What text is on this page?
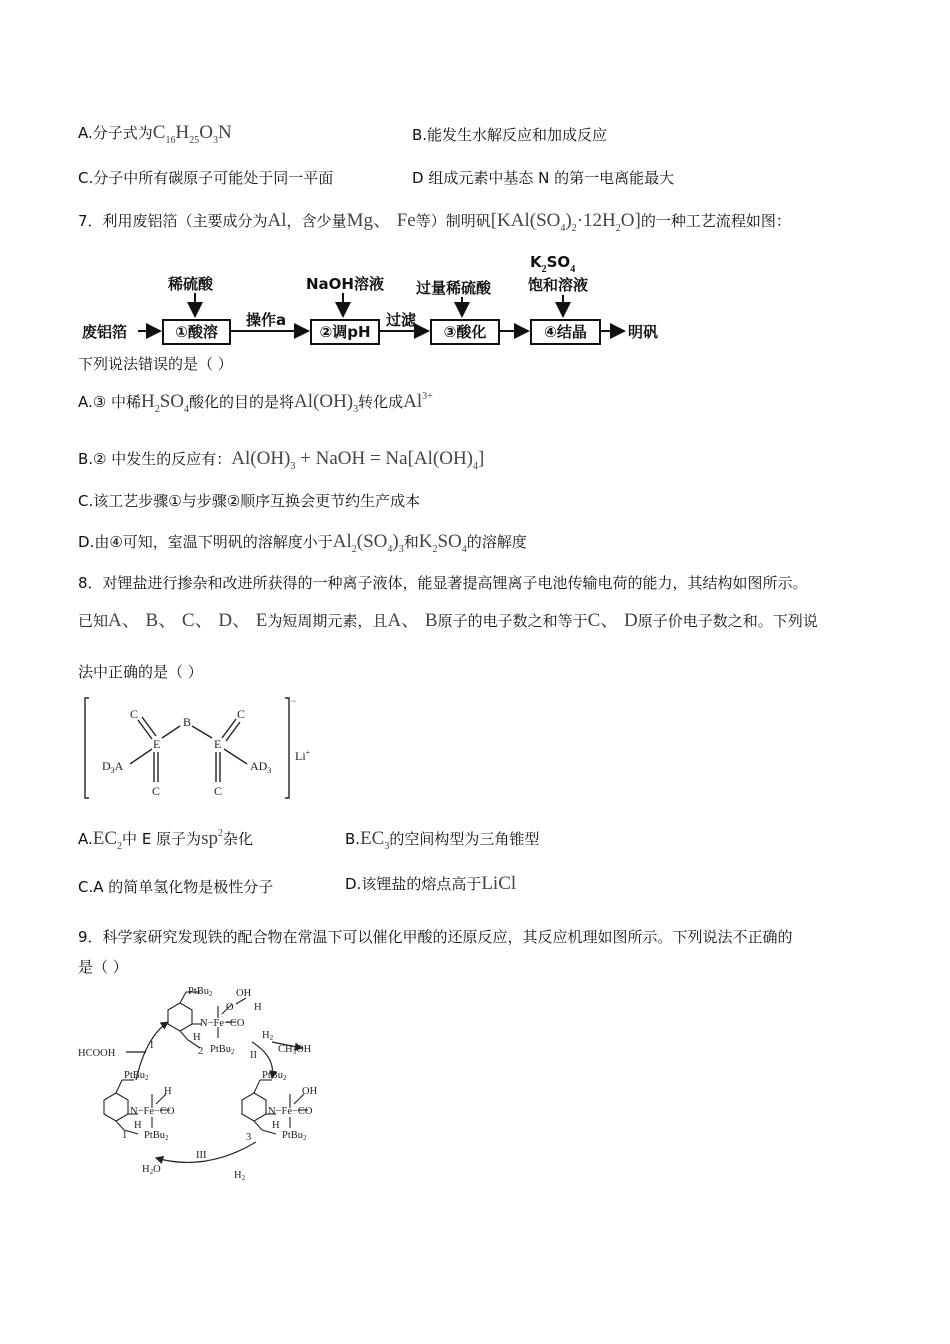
A.分子式为$C_{16}H_{25}O_3N$	B.能发生水解反应和加成反应
C.分子中所有碳原子可能处于同一平面	D 组成元素中基态 N 的第一电离能最大
7．利用废铝箔（主要成分为Al，含少量Mg、 Fe等）制明矾$[KAl(SO_4)_2\cdot 12H_2O]$的一种工艺流程如图：
废铝箔	①酸溶
稀硫酸
操作a
②调pH
NaOH溶液
过滤
③酸化
过量稀硫酸
④结晶
$K_2SO_4$
饱和溶液
明矾
下列说法错误的是（ ）
A.③ 中稀$H_2SO_4$酸化的目的是将$Al(OH)_3$转化成$Al^{3+}$
B.② 中发生的反应有：$Al(OH)_3$ + NaOH = $Na[Al(OH)_4]$
C.该工艺步骤①与步骤②顺序互换会更节约生产成本
D.由④可知，室温下明矾的溶解度小于$Al_2(SO_4)_3$和$K_2SO_4$的溶解度
8．对锂盐进行掺杂和改进所获得的一种离子液体，能显著提高锂离子电池传输电荷的能力，其结构如图所示。
已知A、 B、 C、 D、 E为短周期元素，且A、 B原子的电子数之和等于C、 D原子价电子数之和。下列说
法中正确的是（ ）
C
B
C
E	E
$D_3A$	$AD_3$
C	C
Li+
−
$A.EC_2$中 E 原子为$sp^2$杂化	$B.EC_3$的空间构型为三角锥型
C.A 的简单氢化物是极性分子	D.该锂盐的熔点高于LiCl
9．科学家研究发现铁的配合物在常温下可以催化甲酸的还原反应，其反应机理如图所示。下列说法不正确的
是（ ）
PtBu2 OH
H
O
N−Fe−CO
H
2 PtBu2
H2
II
CH3OH
HCOOH
I
PtBu2
H
N−Fe−CO
H
1 PtBu2
PtBu2
OH
N−Fe−CO
H
3	PtBu2
III
H2O
H2
